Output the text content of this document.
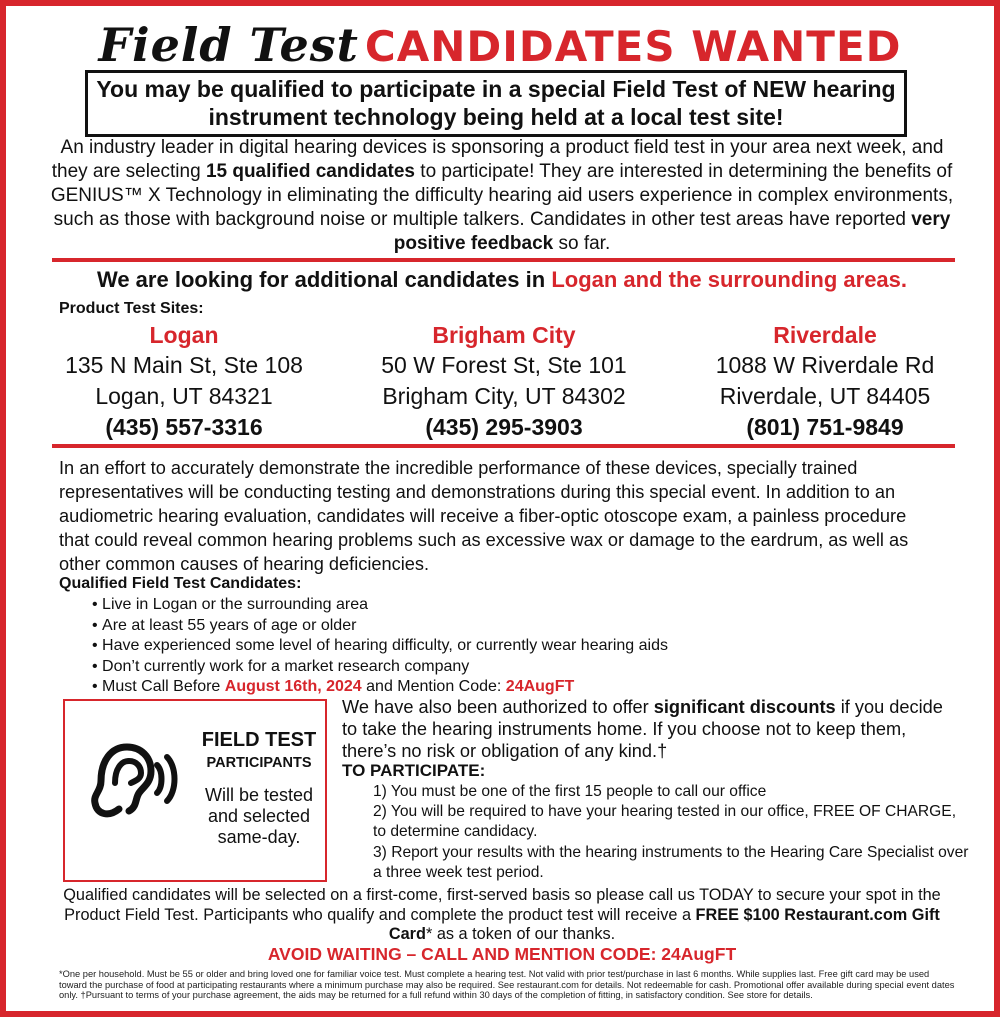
Field Test CANDIDATES WANTED
You may be qualified to participate in a special Field Test of NEW hearing instrument technology being held at a local test site!
An industry leader in digital hearing devices is sponsoring a product field test in your area next week, and they are selecting 15 qualified candidates to participate! They are interested in determining the benefits of GENIUS™ X Technology in eliminating the difficulty hearing aid users experience in complex environments, such as those with background noise or multiple talkers. Candidates in other test areas have reported very positive feedback so far.
We are looking for additional candidates in Logan and the surrounding areas.
Product Test Sites:
Logan
135 N Main St, Ste 108
Logan, UT 84321
(435) 557-3316
Brigham City
50 W Forest St, Ste 101
Brigham City, UT 84302
(435) 295-3903
Riverdale
1088 W Riverdale Rd
Riverdale, UT 84405
(801) 751-9849
In an effort to accurately demonstrate the incredible performance of these devices, specially trained representatives will be conducting testing and demonstrations during this special event. In addition to an audiometric hearing evaluation, candidates will receive a fiber-optic otoscope exam, a painless procedure that could reveal common hearing problems such as excessive wax or damage to the eardrum, as well as other common causes of hearing deficiencies.
Qualified Field Test Candidates:
• Live in Logan or the surrounding area
• Are at least 55 years of age or older
• Have experienced some level of hearing difficulty, or currently wear hearing aids
• Don’t currently work for a market research company
• Must Call Before August 16th, 2024 and Mention Code: 24AugFT
FIELD TEST
PARTICIPANTS
Will be tested and selected same-day.
We have also been authorized to offer significant discounts if you decide to take the hearing instruments home. If you choose not to keep them, there’s no risk or obligation of any kind.†
TO PARTICIPATE:
1) You must be one of the first 15 people to call our office
2) You will be required to have your hearing tested in our office, FREE OF CHARGE, to determine candidacy.
3) Report your results with the hearing instruments to the Hearing Care Specialist over a three week test period.
Qualified candidates will be selected on a first-come, first-served basis so please call us TODAY to secure your spot in the Product Field Test. Participants who qualify and complete the product test will receive a FREE $100 Restaurant.com Gift Card* as a token of our thanks.
AVOID WAITING – CALL AND MENTION CODE: 24AugFT
*One per household. Must be 55 or older and bring loved one for familiar voice test. Must complete a hearing test. Not valid with prior test/purchase in last 6 months. While supplies last. Free gift card may be used toward the purchase of food at participating restaurants where a minimum purchase may also be required. See restaurant.com for details. Not redeemable for cash. Promotional offer available during special event dates only. †Pursuant to terms of your purchase agreement, the aids may be returned for a full refund within 30 days of the completion of fitting, in satisfactory condition. See store for details.
